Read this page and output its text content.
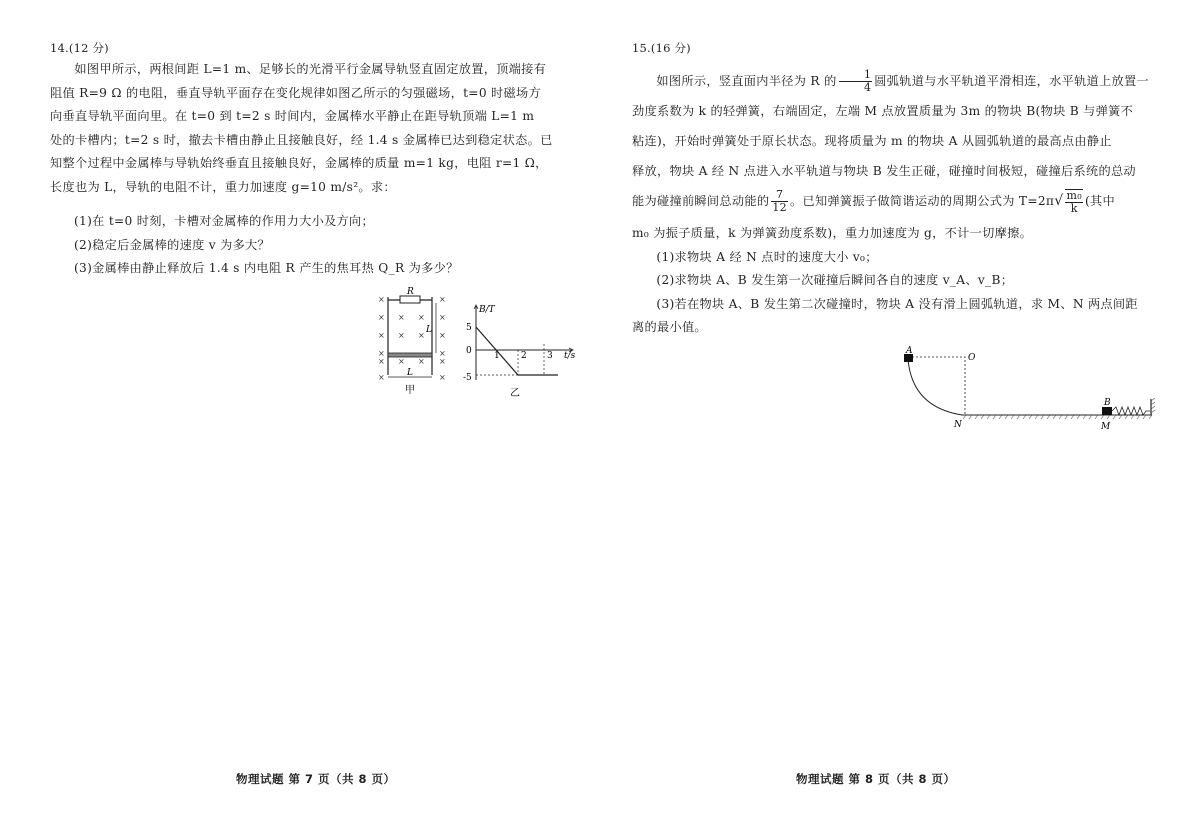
14.(12 分)
如图甲所示，两根间距 L=1 m、足够长的光滑平行金属导轨竖直固定放置，顶端接有
阻值 R=9 Ω 的电阻，垂直导轨平面存在变化规律如图乙所示的匀强磁场，t=0 时磁场方
向垂直导轨平面向里。在 t=0 到 t=2 s 时间内，金属棒水平静止在距导轨顶端 L=1 m
处的卡槽内；t=2 s 时，撤去卡槽由静止且接触良好，经 1.4 s 金属棒已达到稳定状态。已
知整个过程中金属棒与导轨始终垂直且接触良好，金属棒的质量 m=1 kg，电阻 r=1 Ω，
长度也为 L，导轨的电阻不计，重力加速度 g=10 m/s²。求：
(1)在 t=0 时刻，卡槽对金属棒的作用力大小及方向；
(2)稳定后金属棒的速度 v 为多大？
(3)金属棒由静止释放后 1.4 s 内电阻 R 产生的焦耳热 Q_R 为多少？
×	×
× × × ×
× × × ×
×	×
× × × ×
×	×
R
L
L
甲
B/T
t/s
5
0
-5
1 2 3
乙
物理试题 第 7 页（共 8 页）
15.(16 分)
如图所示，竖直面内半径为 R 的 $\frac{1}{4}$ 圆弧轨道与水平轨道平滑相连，水平轨道上放置一
劲度系数为 k 的轻弹簧，右端固定，左端 M 点放置质量为 3m 的物块 B(物块 B 与弹簧不
粘连)，开始时弹簧处于原长状态。现将质量为 m 的物块 A 从圆弧轨道的最高点由静止
释放，物块 A 经 N 点进入水平轨道与物块 B 发生正碰，碰撞时间极短，碰撞后系统的总动
能为碰撞前瞬间总动能的 $\frac{7}{12}$ 。已知弹簧振子做简谐运动的周期公式为 $T=2\pi√ \frac{\text{m₀}}{k}$ (其中
m₀ 为振子质量，k 为弹簧劲度系数)，重力加速度为 g，不计一切摩擦。
(1)求物块 A 经 N 点时的速度大小 v₀；
(2)求物块 A、B 发生第一次碰撞后瞬间各自的速度 v_A、v_B；
(3)若在物块 A、B 发生第二次碰撞时，物块 A 没有滑上圆弧轨道，求 M、N 两点间距
离的最小值。
A
O
N
B
M
物理试题 第 8 页（共 8 页）
